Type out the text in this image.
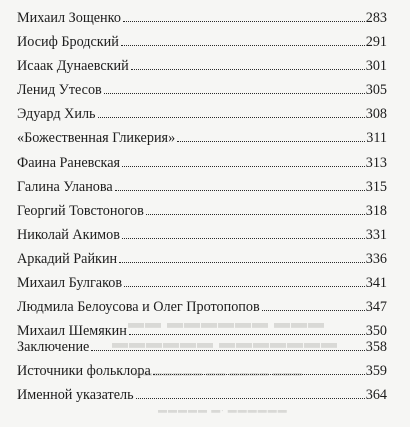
▬▬ ▬▬▬▬▬▬ ▬▬▬
▬▬▬▬▬▬ ▬▬▬▬▬▬▬
▬▬▬▬▬▬▬ ▬▬ ▬▬▬▬ ▬▬▬
▬▬▬▬▬ ▬. ▬▬▬▬▬▬
Михаил Зощенко	283
Иосиф Бродский	291
Исаак Дунаевский	301
Ленид Утесов	305
Эдуард Хиль	308
«Божественная Гликерия»	311
Фаина Раневская	313
Галина Уланова	315
Георгий Товстоногов	318
Николай Акимов	331
Аркадий Райкин	336
Михаил Булгаков	341
Людмила Белоусова и Олег Протопопов	347
Михаил Шемякин	350
Заключение	358
Источники фольклора	359
Именной указатель	364
